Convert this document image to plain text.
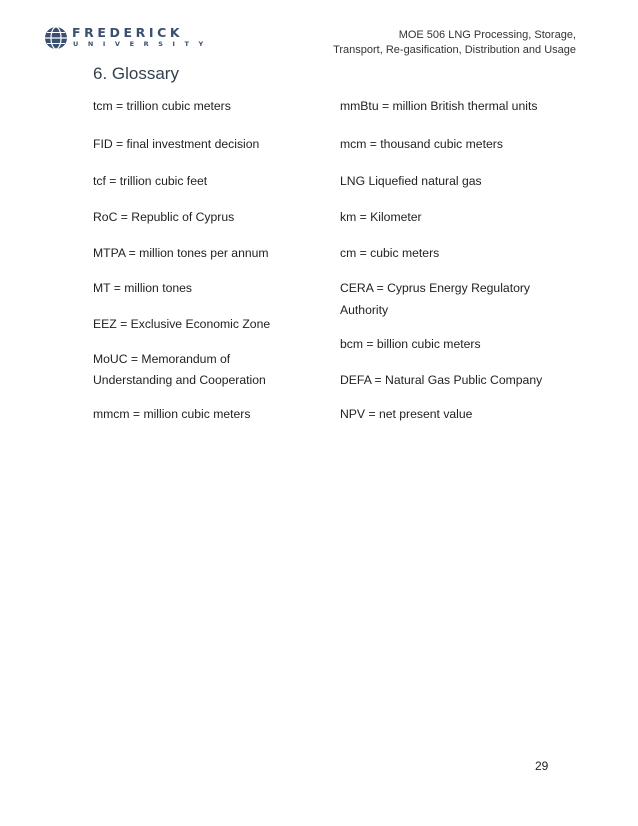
FREDERICK
UNIVERSITY
MOE 506 LNG Processing, Storage,
Transport, Re-gasification, Distribution and Usage
6. Glossary
tcm = trillion cubic meters
FID = final investment decision
tcf = trillion cubic feet
RoC = Republic of Cyprus
MTPA = million tones per annum
MT = million tones
EEZ = Exclusive Economic Zone
MoUC = Memorandum of
Understanding and Cooperation
mmcm = million cubic meters
mmBtu = million British thermal units
mcm = thousand cubic meters
LNG Liquefied natural gas
km = Kilometer
cm = cubic meters
CERA = Cyprus Energy Regulatory
Authority
bcm = billion cubic meters
DEFA = Natural Gas Public Company
NPV = net present value
29
